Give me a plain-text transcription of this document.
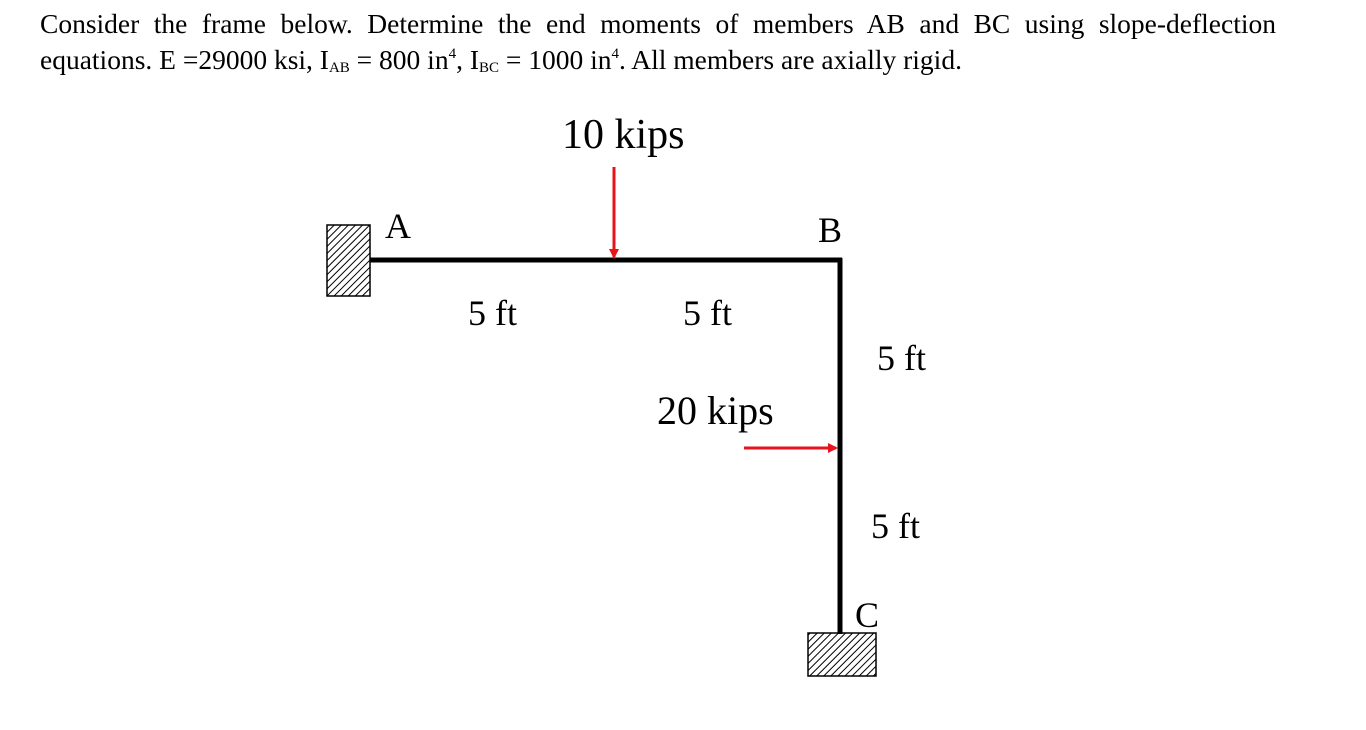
Consider the frame below. Determine the end moments of members AB and BC using slope-deflection equations. E =29000 ksi, $I_{AB} = 800$ $in^4$, $I_{BC} = 1000$ $in^4$. All members are axially rigid.
A	B
C
10 kips
20 kips
5 ft	5 ft
5 ft
5 ft
